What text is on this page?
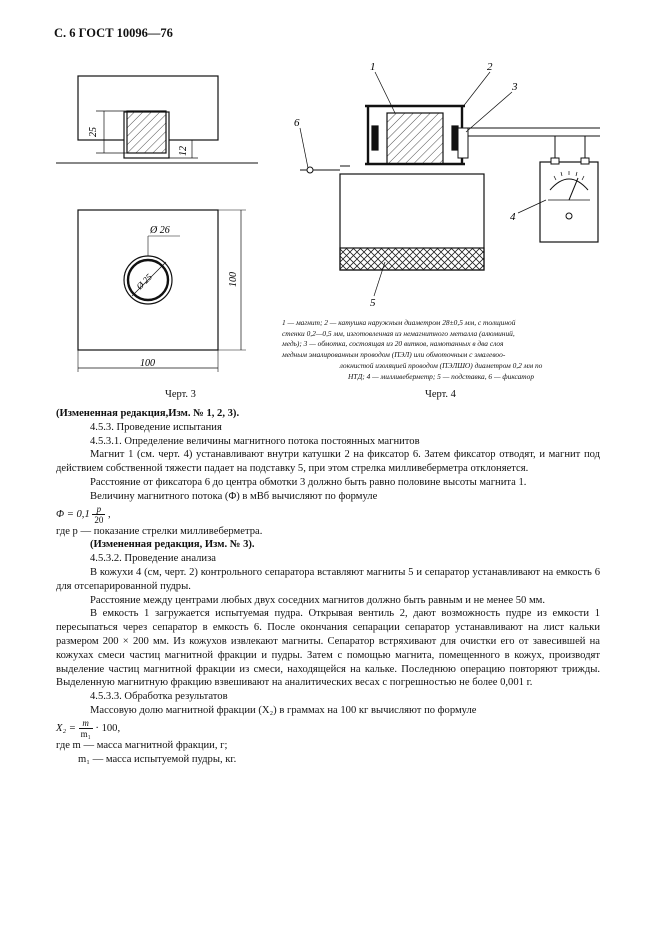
С. 6 ГОСТ 10096—76
25
12
Ø 26
Ø 25	100
100
1	2
3
4
5
6

1 — магнит; 2 — катушка наружным диаметром 28±0,5 мм, с толщиной

стенки 0,2—0,5 мм, изготовленная из немагнитного металла (алюминий,

медь); 3 — обмотка, состоящая из 20 витков, намотанных в два слоя

медным эмалированным проводом (ПЭЛ) или обмоточным с эмалевоо-

локнистой изоляцией проводом (ПЭЛШО) диаметром 0,2 мм по

НТД; 4 — милливебермeтр; 5 — подставка, 6 — фиксатор

Черт. 3	Черт. 4

(Измененная редакция,Изм. № 1, 2, 3).

4.5.3. Проведение испытания

4.5.3.1. Определение величины магнитного потока постоянных магнитов

Магнит 1 (см. черт. 4) устанавливают внутри катушки 2 на фиксатор 6. Затем фиксатор отводят, и магнит под действием собственной тяжести падает на подставку 5, при этом стрелка милливеберметра отклоняется.

Расстояние от фиксатора 6 до центра обмотки 3 должно быть равно половине высоты магнита 1.

Величину магнитного потока (Φ) в мВб вычисляют по формуле

$\Phi = 0,1 \frac{p}{20}$ ,

где p — показание стрелки милливеберметра.

(Измененная редакция, Изм. № 3).

4.5.3.2. Проведение анализа

В кожухи 4 (см, черт. 2) контрольного сепаратора вставляют магниты 5 и сепаратор устанавливают на емкость 6 для отсепарированной пудры.

Расстояние между центрами любых двух соседних магнитов должно быть равным и не менее 50 мм.

В емкость 1 загружается испытуемая пудра. Открывая вентиль 2, дают возможность пудре из емкости 1 пересыпаться через сепаратор в емкость 6. После окончания сепарации сепаратор устанавливают на лист кальки размером 200 × 200 мм. Из кожухов извлекают магниты. Сепаратор встряхивают для очистки его от завесившей на кожухах смеси частиц магнитной фракции и пудры. Затем с помощью магнита, помещенного в кожух, производят выделение частиц магнитной фракции из смеси, находящейся на кальке. Последнюю операцию повторяют трижды. Выделенную магнитную фракцию взвешивают на аналитических весах с погрешностью не более 0,001 г.

4.5.3.3. Обработка результатов

Массовую долю магнитной фракции (X₂) в граммах на 100 кг вычисляют по формуле

$X_2 = \frac{m}{\text{m₁}} \cdot 100$,

где m — масса магнитной фракции, г;

m₁ — масса испытуемой пудры, кг.
